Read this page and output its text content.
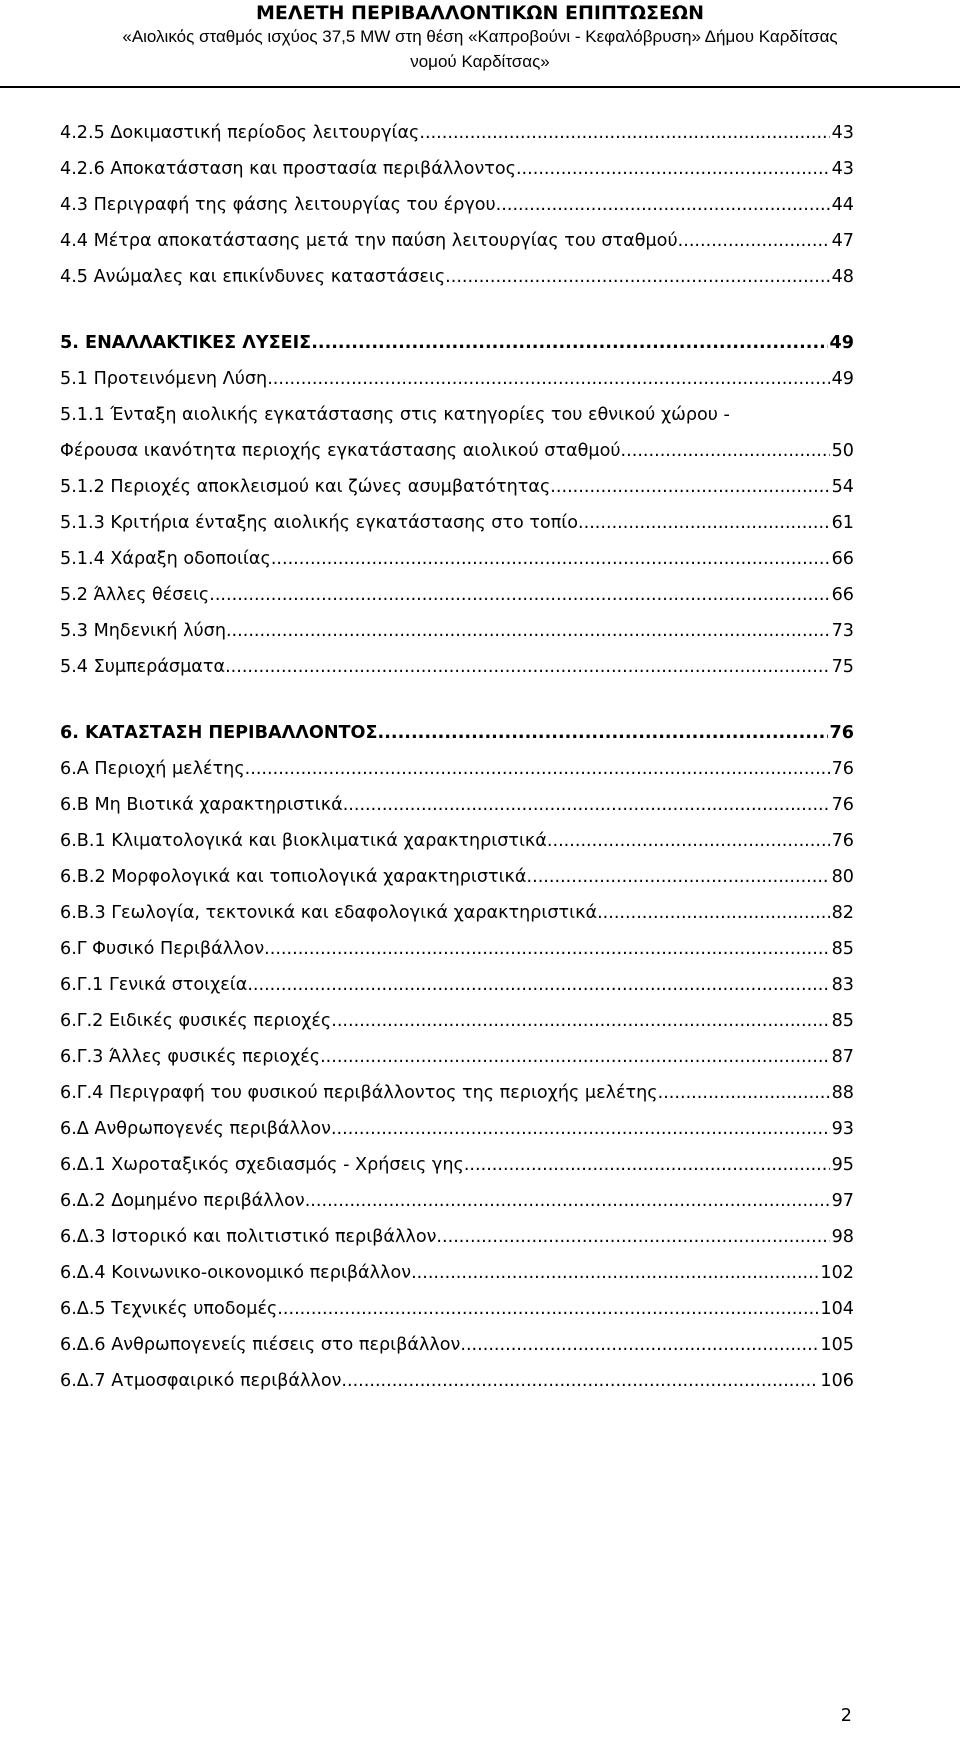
ΜΕΛΕΤΗ ΠΕΡΙΒΑΛΛΟΝΤΙΚΩΝ ΕΠΙΠΤΩΣΕΩΝ
«Αιολικός σταθμός ισχύος 37,5 MW στη θέση «Καπροβούνι - Κεφαλόβρυση» Δήμου Καρδίτσας
νομού Καρδίτσας»
4.2.5 Δοκιμαστική περίοδος λειτουργίας .....	43
4.2.6 Αποκατάσταση και προστασία περιβάλλοντος .....	43
4.3 Περιγραφή της φάσης λειτουργίας του έργου .....	44
4.4 Μέτρα αποκατάστασης μετά την παύση λειτουργίας του σταθμού .....	47
4.5 Ανώμαλες και επικίνδυνες καταστάσεις .....	48
5. ΕΝΑΛΛΑΚΤΙΚΕΣ ΛΥΣΕΙΣ .....	49
5.1 Προτεινόμενη Λύση .....	49
5.1.1 Ένταξη αιολικής εγκατάστασης στις κατηγορίες του εθνικού χώρου -
Φέρουσα ικανότητα περιοχής εγκατάστασης αιολικού σταθμού .....	50
5.1.2 Περιοχές αποκλεισμού και ζώνες ασυμβατότητας .....	54
5.1.3 Κριτήρια ένταξης αιολικής εγκατάστασης στο τοπίο .....	61
5.1.4 Χάραξη οδοποιίας .....	66
5.2 Άλλες θέσεις .....	66
5.3 Μηδενική λύση .....	73
5.4 Συμπεράσματα .....	75
6. ΚΑΤΑΣΤΑΣΗ ΠΕΡΙΒΑΛΛΟΝΤΟΣ .....	76
6.Α Περιοχή μελέτης .....	76
6.Β Μη Βιοτικά χαρακτηριστικά .....	76
6.Β.1 Κλιματολογικά και βιοκλιματικά χαρακτηριστικά .....	76
6.Β.2 Μορφολογικά και τοπιολογικά χαρακτηριστικά .....	80
6.Β.3 Γεωλογία, τεκτονικά και εδαφολογικά χαρακτηριστικά .....	82
6.Γ Φυσικό Περιβάλλον .....	85
6.Γ.1 Γενικά στοιχεία .....	83
6.Γ.2 Ειδικές φυσικές περιοχές .....	85
6.Γ.3 Άλλες φυσικές περιοχές .....	87
6.Γ.4 Περιγραφή του φυσικού περιβάλλοντος της περιοχής μελέτης .....	88
6.Δ Ανθρωπογενές περιβάλλον .....	93
6.Δ.1 Χωροταξικός σχεδιασμός - Χρήσεις γης .....	95
6.Δ.2 Δομημένο περιβάλλον .....	97
6.Δ.3 Ιστορικό και πολιτιστικό περιβάλλον .....	98
6.Δ.4 Κοινωνικο-οικονομικό περιβάλλον .....	102
6.Δ.5 Τεχνικές υποδομές .....	104
6.Δ.6 Ανθρωπογενείς πιέσεις στο περιβάλλον .....	105
6.Δ.7 Ατμοσφαιρικό περιβάλλον .....	106
2
